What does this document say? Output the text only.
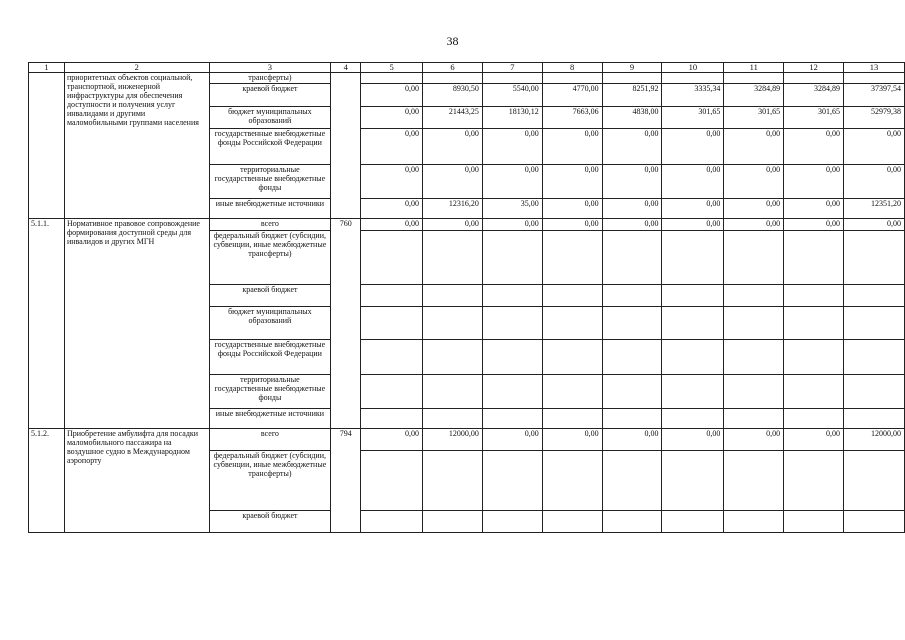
38
1	2	3	4	5	6	7	8	9	10	11	12	13
	приоритетных объектов социальной, транспортной, инженерной инфраструктуры для обеспечения доступности и получения услуг инвалидами и другими маломобильными группами населения	трансферты)										
		краевой бюджет		0,00	8930,50	5540,00	4770,00	8251,92	3335,34	3284,89	3284,89	37397,54
		бюджет муниципальных образований		0,00	21443,25	18130,12	7663,06	4838,00	301,65	301,65	301,65	52979,38
		государственные внебюджетные фонды Российской Федерации		0,00	0,00	0,00	0,00	0,00	0,00	0,00	0,00	0,00
		территориальные государственные внебюджетные фонды		0,00	0,00	0,00	0,00	0,00	0,00	0,00	0,00	0,00
		иные внебюджетные источники		0,00	12316,20	35,00	0,00	0,00	0,00	0,00	0,00	12351,20
5.1.1.	Нормативное правовое сопровождение формирования доступной среды для инвалидов и других МГН	всего	760	0,00	0,00	0,00	0,00	0,00	0,00	0,00	0,00	0,00
		федеральный бюджет (субсидии, субвенции, иные межбюджетные трансферты)										
		краевой бюджет										
		бюджет муниципальных образований										
		государственные внебюджетные фонды Российской Федерации										
		территориальные государственные внебюджетные фонды										
		иные внебюджетные источники										
5.1.2.	Приобретение амбулифта для посадки маломобильного пассажира на воздушное судно в Международном аэропорту	всего	794	0,00	12000,00	0,00	0,00	0,00	0,00	0,00	0,00	12000,00
		федеральный бюджет (субсидии, субвенции, иные межбюджетные трансферты)										
		краевой бюджет										
